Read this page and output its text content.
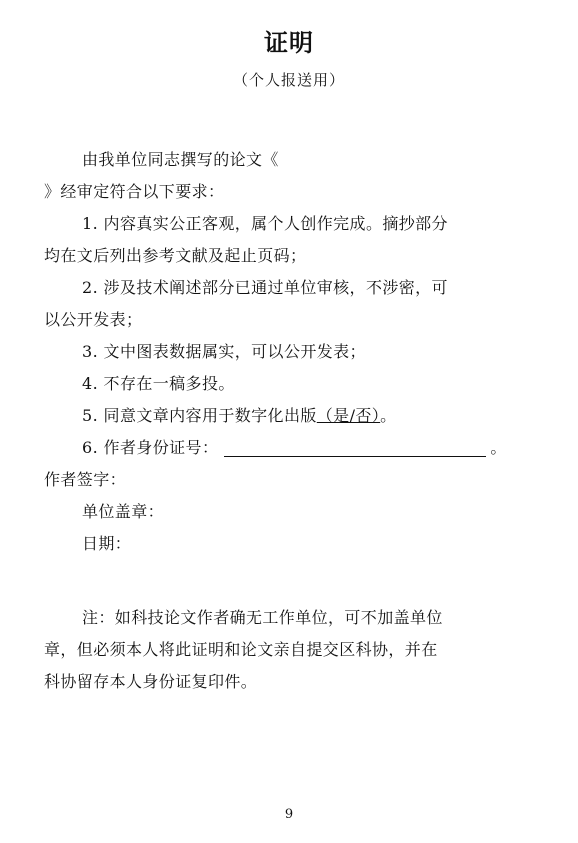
证明
（个人报送用）
由我单位同志撰写的论文《
》经审定符合以下要求：
1. 内容真实公正客观，属个人创作完成。摘抄部分
均在文后列出参考文献及起止页码；
2. 涉及技术阐述部分已通过单位审核，不涉密，可
以公开发表；
3. 文中图表数据属实，可以公开发表；
4. 不存在一稿多投。
5. 同意文章内容用于数字化出版（是/否）。
6. 作者身份证号：	。
作者签字：
单位盖章：
日期：
注：如科技论文作者确无工作单位，可不加盖单位
章，但必须本人将此证明和论文亲自提交区科协，并在
科协留存本人身份证复印件。
9
